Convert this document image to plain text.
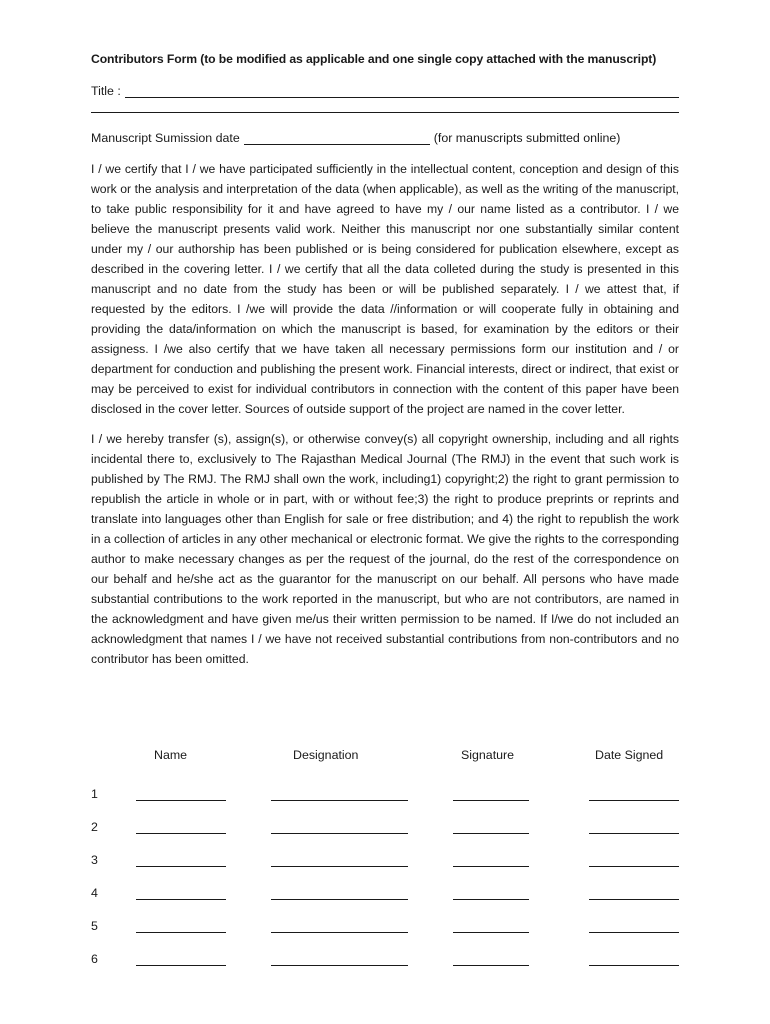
Contributors Form (to be modified as applicable and one single copy attached with the manuscript)

Title :
Manuscript Sumission date	(for manuscripts submitted online)

I / we certify that I / we have participated sufficiently in the intellectual content, conception and design of this work or the analysis and interpretation of the data (when applicable), as well as the writing of the manuscript, to take public responsibility for it and have agreed to have my / our name listed as a contributor. I / we believe the manuscript presents valid work. Neither this manuscript nor one substantially similar content under my / our authorship has been published or is being considered for publication elsewhere, except as described in the covering letter. I / we certify that all the data colleted during the study is presented in this manuscript and no date from the study has been or will be published separately. I / we attest that, if requested by the editors. I /we will provide the data //information or will cooperate fully in obtaining and providing the data/information on which the manuscript is based, for examination by the editors or their assigness. I /we also certify that we have taken all necessary permissions form our institution and / or department for conduction and publishing the present work. Financial interests, direct or indirect, that exist or may be perceived to exist for individual contributors in connection with the content of this paper have been disclosed in the cover letter. Sources of outside support of the project are named in the cover letter.

I / we hereby transfer (s), assign(s), or otherwise convey(s) all copyright ownership, including and all rights incidental there to, exclusively to The Rajasthan Medical Journal (The RMJ) in the event that such work is published by The RMJ. The RMJ shall own the work, including1) copyright;2) the right to grant permission to republish the article in whole or in part, with or without fee;3) the right to produce preprints or reprints and translate into languages other than English for sale or free distribution; and 4) the right to republish the work in a collection of articles in any other mechanical or electronic format. We give the rights to the corresponding author to make necessary changes as per the request of the journal, do the rest of the correspondence on our behalf and he/she act as the guarantor for the manuscript on our behalf. All persons who have made substantial contributions to the work reported in the manuscript, but who are not contributors, are named in the acknowledgment and have given me/us their written permission to be named. If I/we do not included an acknowledgment that names I / we have not received substantial contributions from non-contributors and no contributor has been omitted.

Name	Designation	Signature	Date Signed
1
2
3
4
5
6
